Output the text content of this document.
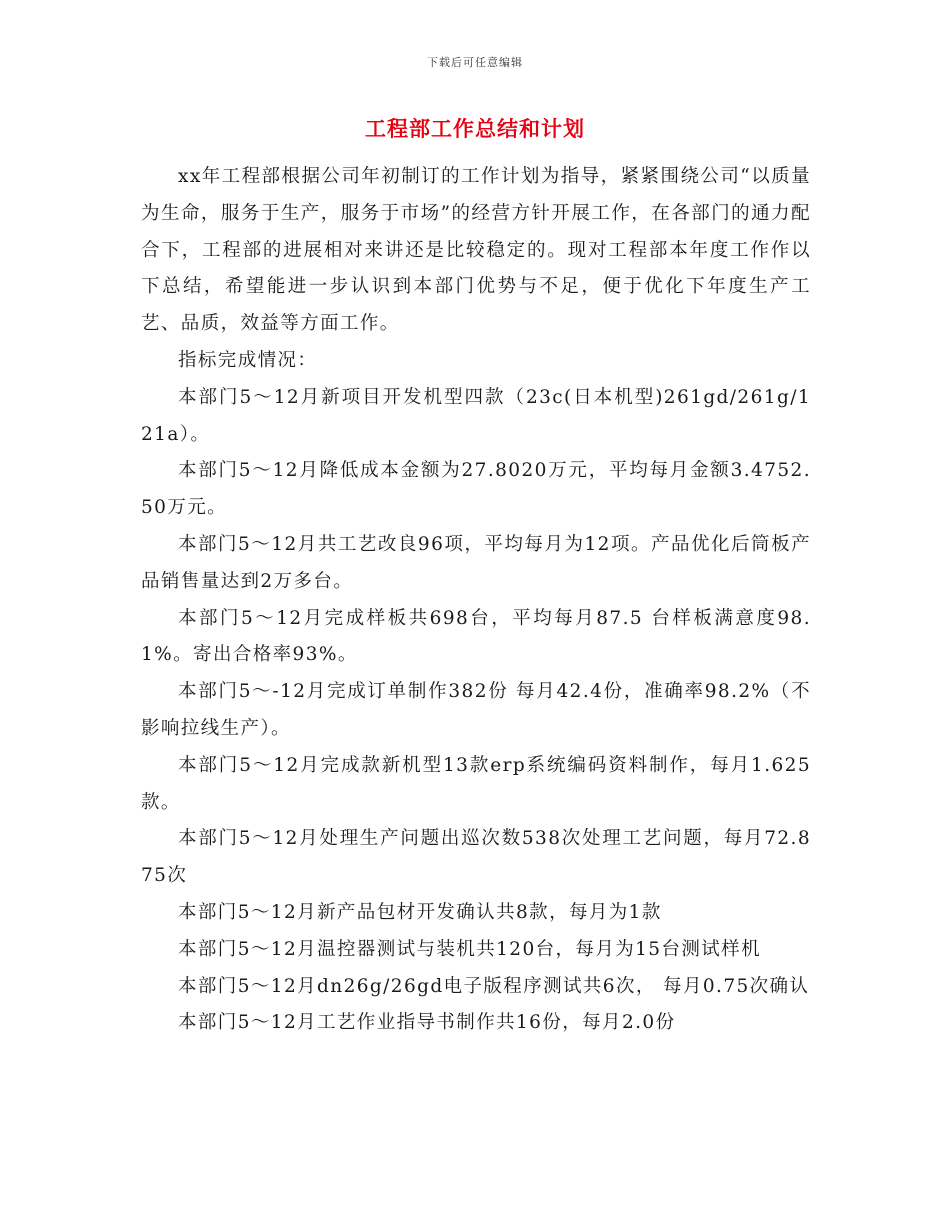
下载后可任意编辑
工程部工作总结和计划

xx年工程部根据公司年初制订的工作计划为指导，紧紧围绕公司“以质量为生命，服务于生产，服务于市场”的经营方针开展工作，在各部门的通力配合下，工程部的进展相对来讲还是比较稳定的。现对工程部本年度工作作以下总结，希望能进一步认识到本部门优势与不足，便于优化下年度生产工艺、品质，效益等方面工作。

指标完成情况：

本部门5～12月新项目开发机型四款（23c(日本机型)261gd/261g/121a）。

本部门5～12月降低成本金额为27.8020万元，平均每月金额3.4752.50万元。

本部门5～12月共工艺改良96项，平均每月为12项。产品优化后筒板产品销售量达到2万多台。

本部门5～12月完成样板共698台，平均每月87.5 台样板满意度98.1%。寄出合格率93%。

本部门5～-12月完成订单制作382份 每月42.4份，准确率98.2%（不影响拉线生产）。

本部门5～12月完成款新机型13款erp系统编码资料制作，每月1.625款。

本部门5～12月处理生产问题出巡次数538次处理工艺问题，每月72.875次

本部门5～12月新产品包材开发确认共8款，每月为1款

本部门5～12月温控器测试与装机共120台，每月为15台测试样机

本部门5～12月dn26g/26gd电子版程序测试共6次， 每月0.75次确认

本部门5～12月工艺作业指导书制作共16份，每月2.0份
